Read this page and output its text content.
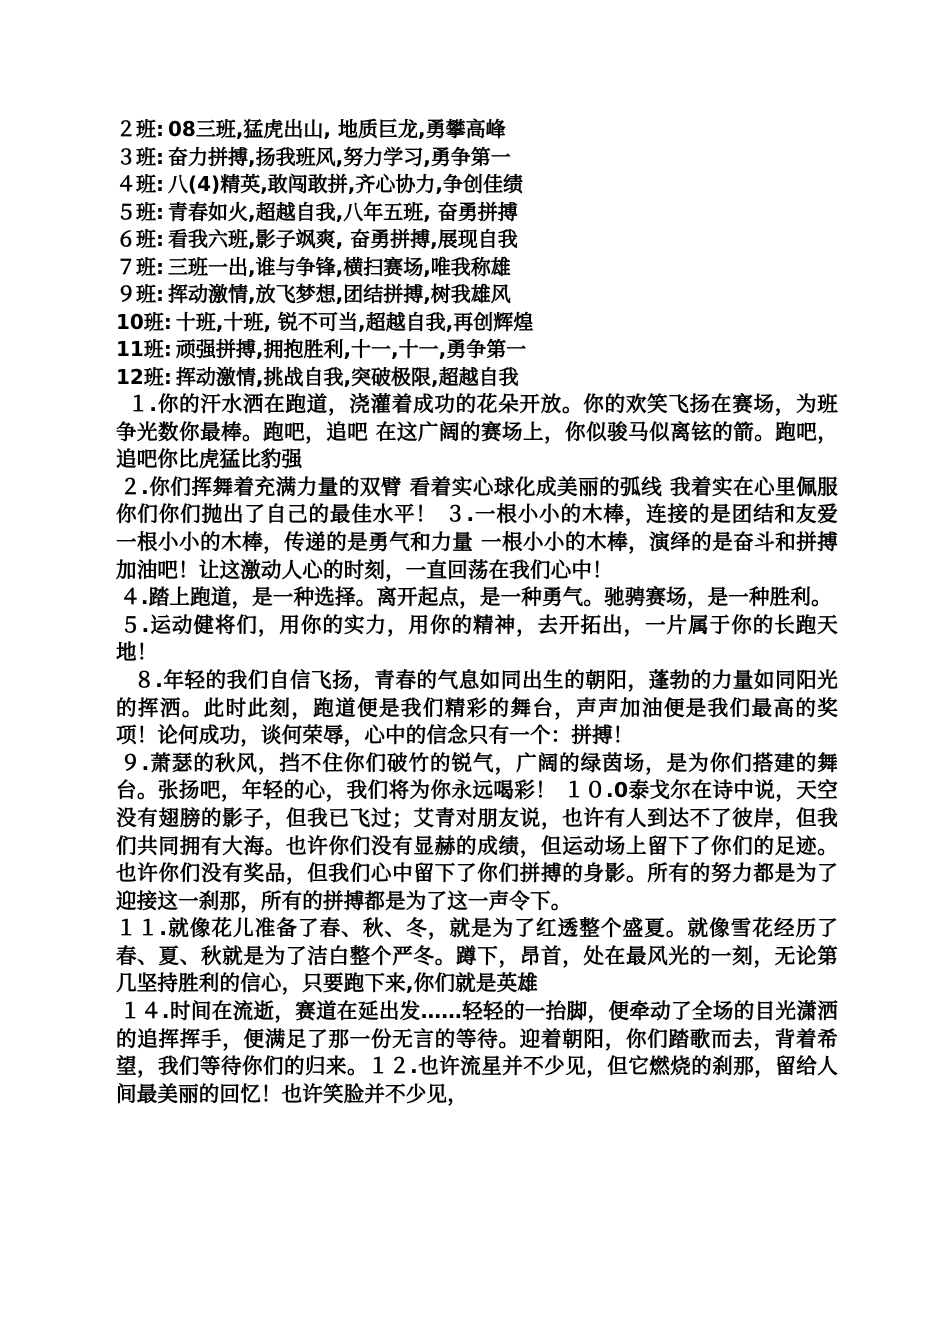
２班: 08三班,猛虎出山, 地质巨龙,勇攀高峰
３班: 奋力拼搏,扬我班风,努力学习,勇争第一
４班: 八(4)精英,敢闯敢拼,齐心协力,争创佳绩
５班: 青春如火,超越自我,八年五班, 奋勇拼搏
６班: 看我六班,影子飒爽, 奋勇拼搏,展现自我
７班: 三班一出,谁与争锋,横扫赛场,唯我称雄
９班: 挥动激情,放飞梦想,团结拼搏,树我雄风
10班: 十班,十班, 锐不可当,超越自我,再创辉煌
11班: 顽强拼搏,拥抱胜利,十一,十一,勇争第一
12班: 挥动激情,挑战自我,突破极限,超越自我

１.你的汗水洒在跑道，浇灌着成功的花朵开放。你的欢笑飞扬在赛场，为班争光数你最棒。跑吧，追吧 在这广阔的赛场上，你似骏马似离铉的箭。跑吧，追吧你比虎猛比豹强

２.你们挥舞着充满力量的双臂 看着实心球化成美丽的弧线 我着实在心里佩服你们你们抛出了自己的最佳水平！ ３.一根小小的木棒，连接的是团结和友爱 一根小小的木棒，传递的是勇气和力量 一根小小的木棒，演绎的是奋斗和拼搏 加油吧！让这激动人心的时刻，一直回荡在我们心中！

４.踏上跑道，是一种选择。离开起点，是一种勇气。驰骋赛场，是一种胜利。

５.运动健将们，用你的实力，用你的精神，去开拓出，一片属于你的长跑天地！

８.年轻的我们自信飞扬，青春的气息如同出生的朝阳，蓬勃的力量如同阳光的挥洒。此时此刻，跑道便是我们精彩的舞台，声声加油便是我们最高的奖项！论何成功，谈何荣辱，心中的信念只有一个：拼搏！

９.萧瑟的秋风，挡不住你们破竹的锐气，广阔的绿茵场，是为你们搭建的舞台。张扬吧，年轻的心，我们将为你永远喝彩！ １０.0泰戈尔在诗中说，天空没有翅膀的影子，但我已飞过；艾青对朋友说，也许有人到达不了彼岸，但我们共同拥有大海。也许你们没有显赫的成绩，但运动场上留下了你们的足迹。也许你们没有奖品，但我们心中留下了你们拼搏的身影。所有的努力都是为了迎接这一刹那，所有的拼搏都是为了这一声令下。

１１.就像花儿准备了春、秋、冬，就是为了红透整个盛夏。就像雪花经历了春、夏、秋就是为了洁白整个严冬。蹲下，昂首，处在最风光的一刻，无论第几坚持胜利的信心，只要跑下来,你们就是英雄

１４.时间在流逝，赛道在延出发……轻轻的一抬脚，便牵动了全场的目光潇洒的追挥挥手，便满足了那一份无言的等待。迎着朝阳，你们踏歌而去，背着希望，我们等待你们的归来。１２.也许流星并不少见，但它燃烧的刹那，留给人间最美丽的回忆！也许笑脸并不少见，
